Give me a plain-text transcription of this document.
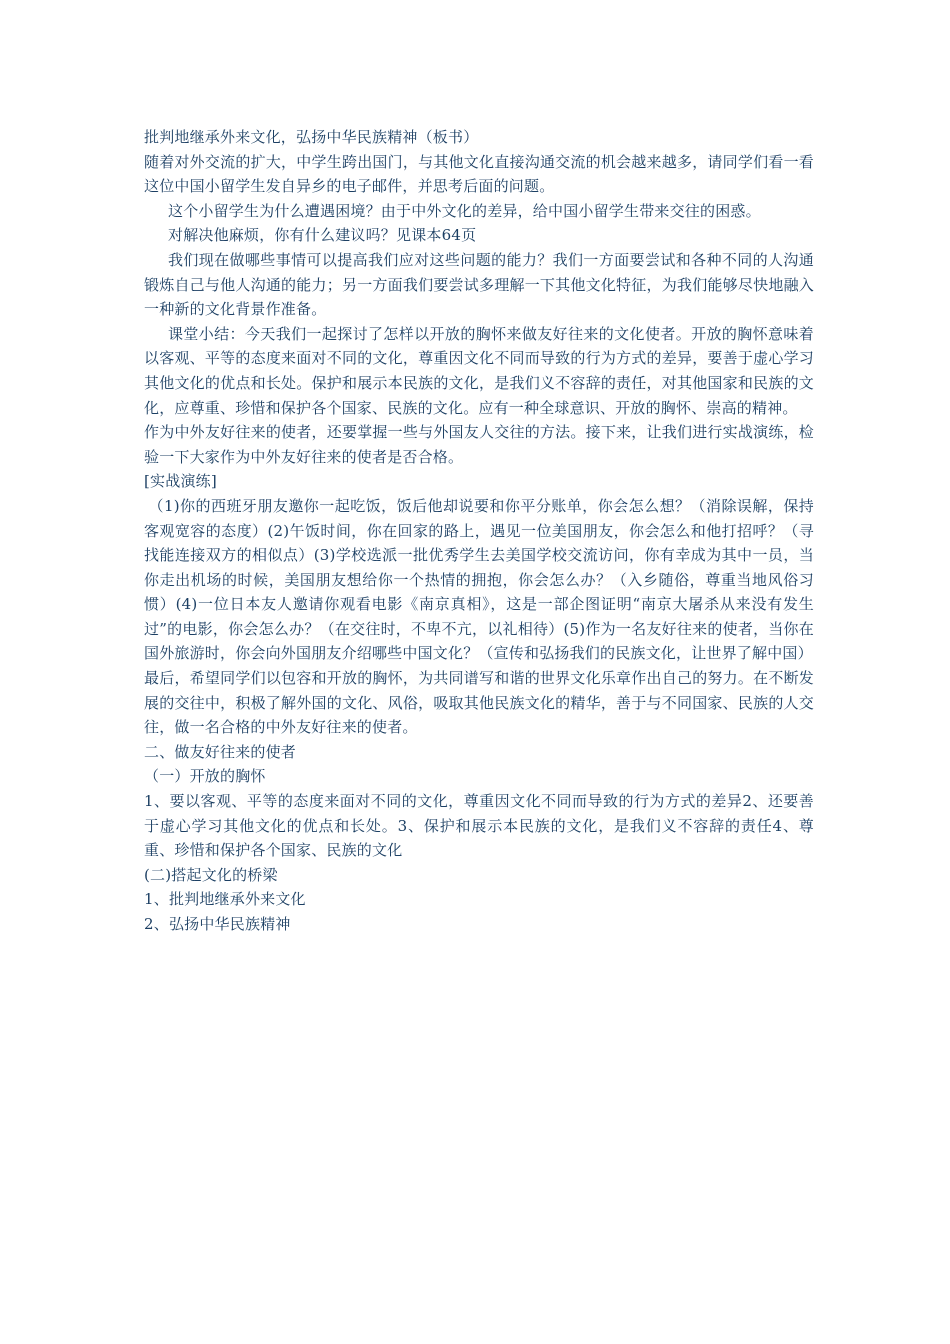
批判地继承外来文化，弘扬中华民族精神（板书）

随着对外交流的扩大，中学生跨出国门，与其他文化直接沟通交流的机会越来越多，请同学们看一看这位中国小留学生发自异乡的电子邮件，并思考后面的问题。

这个小留学生为什么遭遇困境？由于中外文化的差异，给中国小留学生带来交往的困惑。

对解决他麻烦，你有什么建议吗？见课本64页

我们现在做哪些事情可以提高我们应对这些问题的能力？我们一方面要尝试和各种不同的人沟通锻炼自己与他人沟通的能力；另一方面我们要尝试多理解一下其他文化特征，为我们能够尽快地融入一种新的文化背景作准备。

课堂小结：今天我们一起探讨了怎样以开放的胸怀来做友好往来的文化使者。开放的胸怀意味着以客观、平等的态度来面对不同的文化，尊重因文化不同而导致的行为方式的差异，要善于虚心学习其他文化的优点和长处。保护和展示本民族的文化，是我们义不容辞的责任，对其他国家和民族的文化，应尊重、珍惜和保护各个国家、民族的文化。应有一种全球意识、开放的胸怀、崇高的精神。

作为中外友好往来的使者，还要掌握一些与外国友人交往的方法。接下来，让我们进行实战演练，检验一下大家作为中外友好往来的使者是否合格。

[实战演练]

（1)你的西班牙朋友邀你一起吃饭，饭后他却说要和你平分账单，你会怎么想？（消除误解，保持客观宽容的态度）(2)午饭时间，你在回家的路上，遇见一位美国朋友，你会怎么和他打招呼？（寻找能连接双方的相似点）(3)学校选派一批优秀学生去美国学校交流访问，你有幸成为其中一员，当你走出机场的时候，美国朋友想给你一个热情的拥抱，你会怎么办？（入乡随俗，尊重当地风俗习惯）(4)一位日本友人邀请你观看电影《南京真相》，这是一部企图证明“南京大屠杀从来没有发生过”的电影，你会怎么办？（在交往时，不卑不亢，以礼相待）(5)作为一名友好往来的使者，当你在国外旅游时，你会向外国朋友介绍哪些中国文化？（宣传和弘扬我们的民族文化，让世界了解中国）

最后，希望同学们以包容和开放的胸怀，为共同谱写和谐的世界文化乐章作出自己的努力。在不断发展的交往中，积极了解外国的文化、风俗，吸取其他民族文化的精华，善于与不同国家、民族的人交往，做一名合格的中外友好往来的使者。

二、做友好往来的使者

（一）开放的胸怀

1、要以客观、平等的态度来面对不同的文化，尊重因文化不同而导致的行为方式的差异2、还要善于虚心学习其他文化的优点和长处。3、保护和展示本民族的文化，是我们义不容辞的责任4、尊重、珍惜和保护各个国家、民族的文化

(二)搭起文化的桥梁

1、批判地继承外来文化

2、弘扬中华民族精神
